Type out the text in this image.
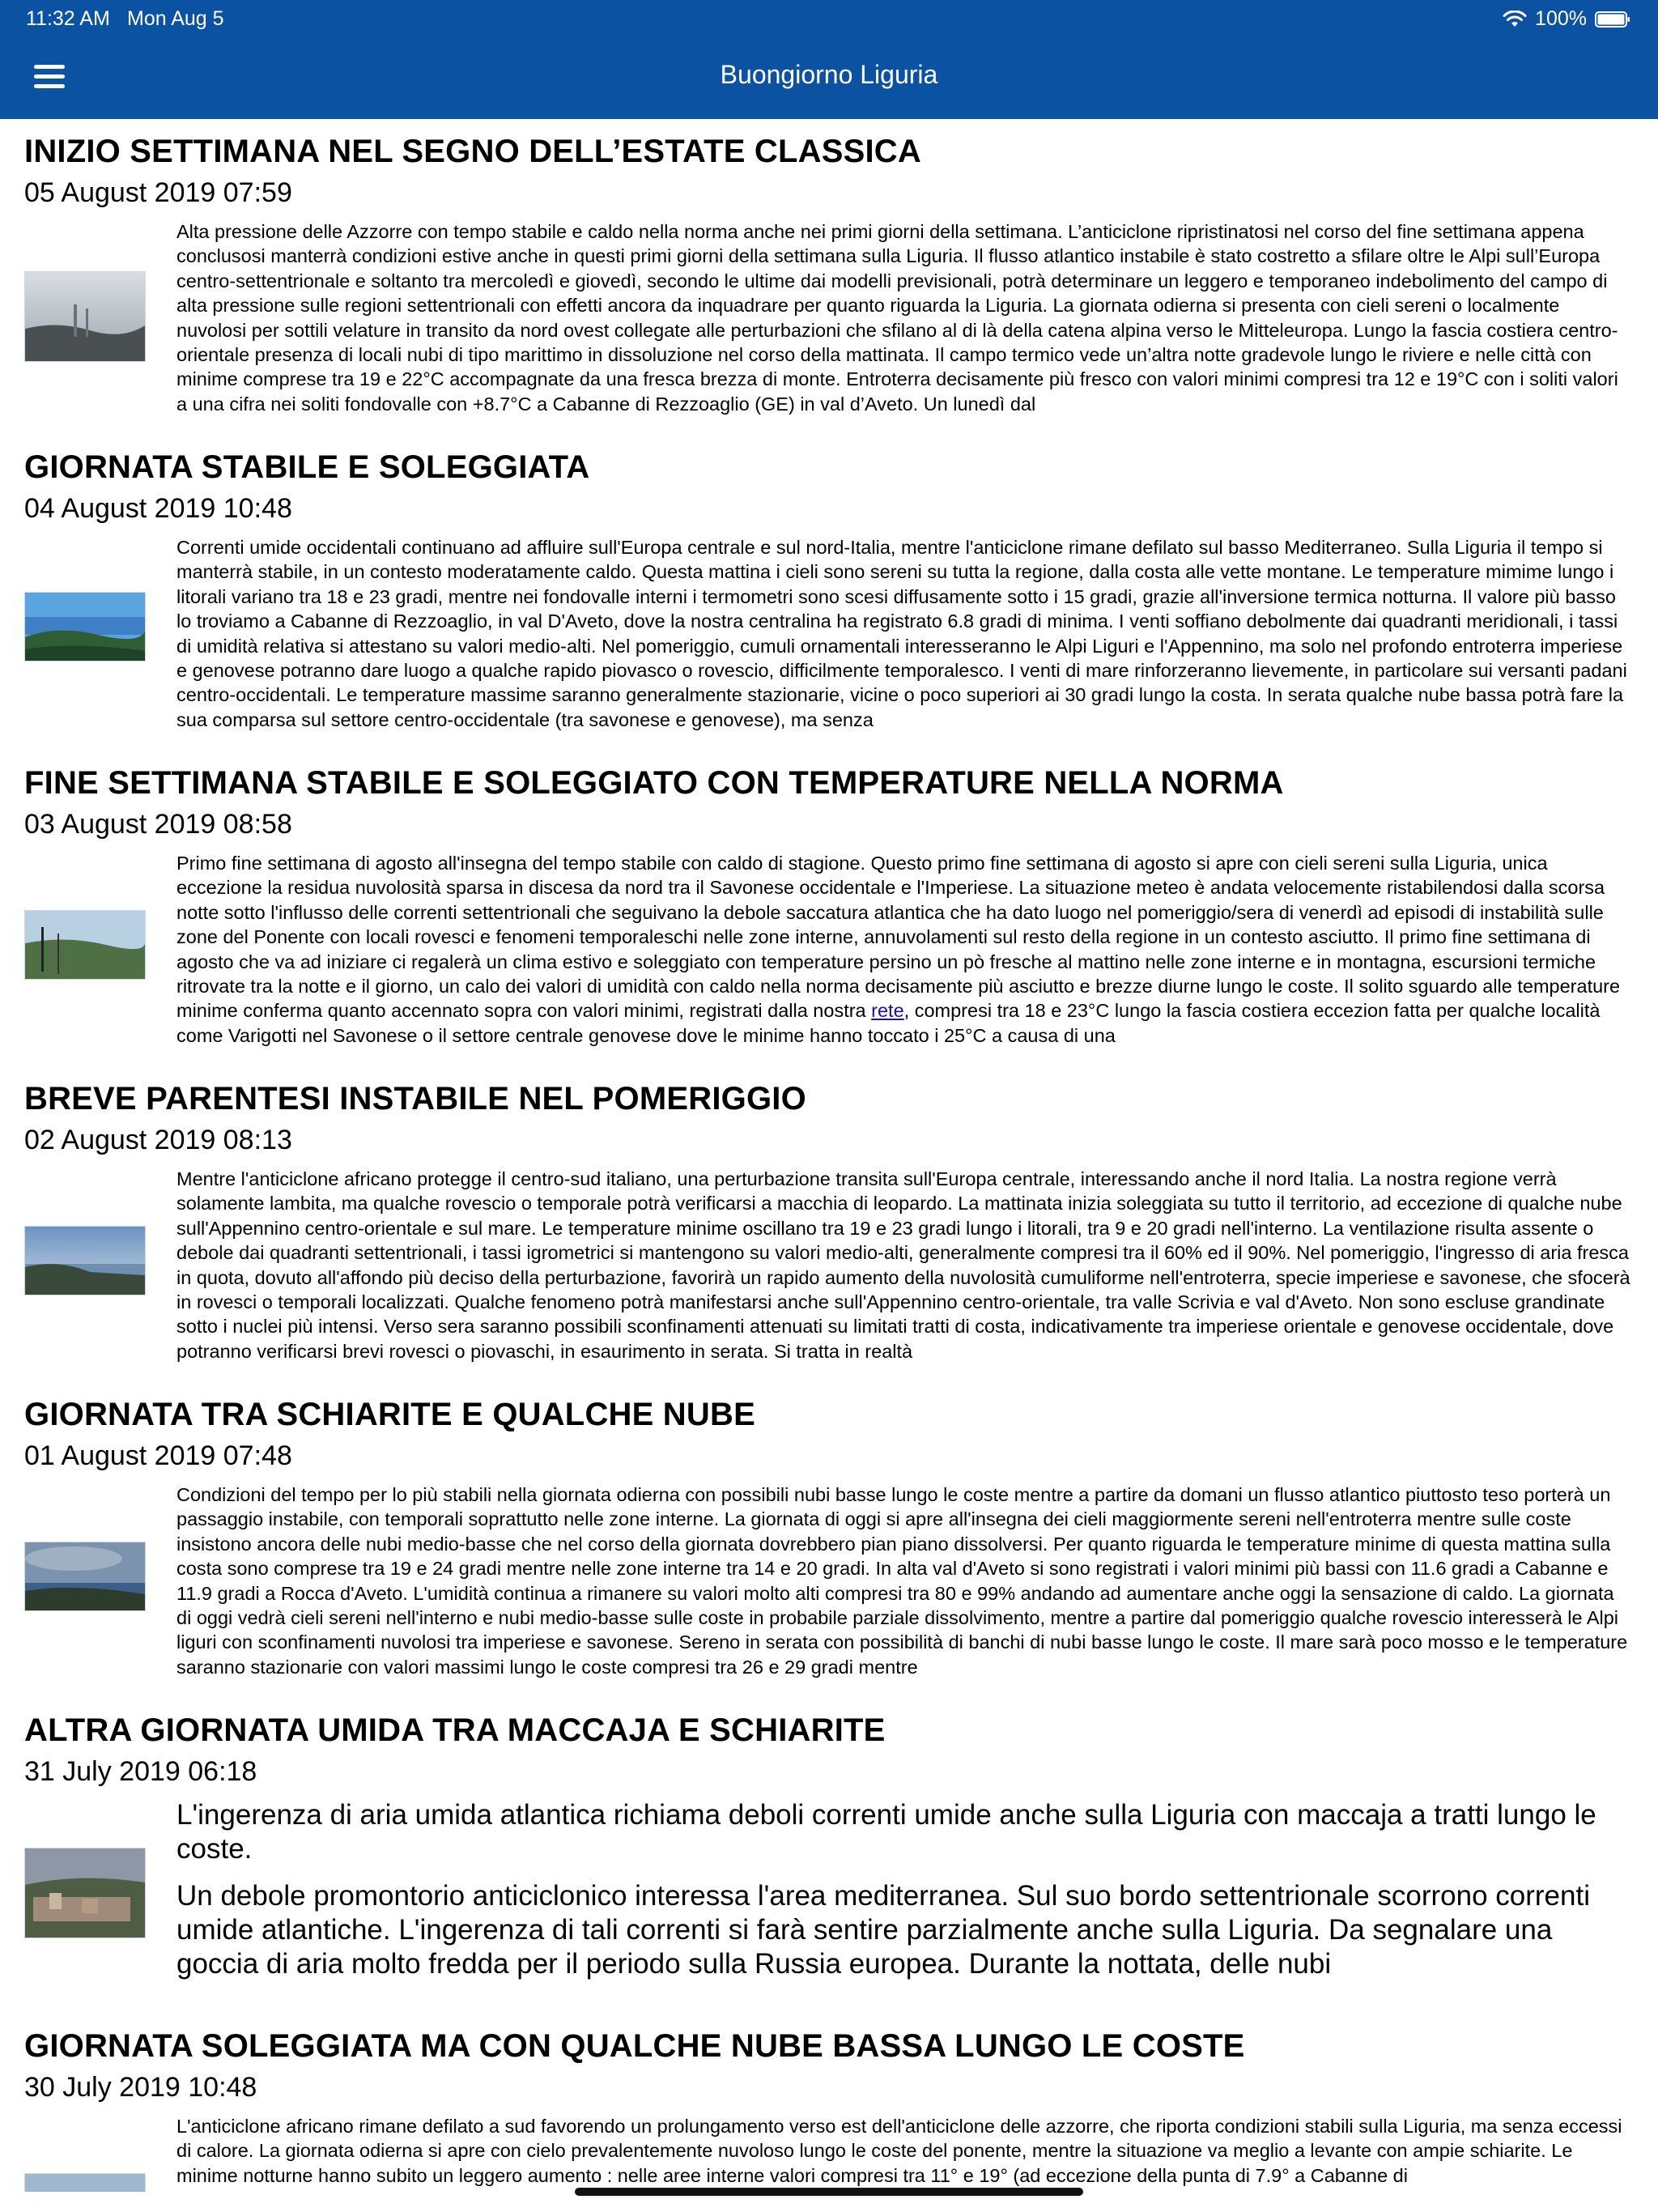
11:32 AM Mon Aug 5	100%
Buongiorno Liguria
INIZIO SETTIMANA NEL SEGNO DELL’ESTATE CLASSICA
05 August 2019 07:59

Alta pressione delle Azzorre con tempo stabile e caldo nella norma anche nei primi giorni della settimana. L’anticiclone ripristinatosi nel corso del fine settimana appena conclusosi manterrà condizioni estive anche in questi primi giorni della settimana sulla Liguria. Il flusso atlantico instabile è stato costretto a sfilare oltre le Alpi sull’Europa centro-settentrionale e soltanto tra mercoledì e giovedì, secondo le ultime dai modelli previsionali, potrà determinare un leggero e temporaneo indebolimento del campo di alta pressione sulle regioni settentrionali con effetti ancora da inquadrare per quanto riguarda la Liguria. La giornata odierna si presenta con cieli sereni o localmente nuvolosi per sottili velature in transito da nord ovest collegate alle perturbazioni che sfilano al di là della catena alpina verso le Mitteleuropa. Lungo la fascia costiera centro-orientale presenza di locali nubi di tipo marittimo in dissoluzione nel corso della mattinata. Il campo termico vede un’altra notte gradevole lungo le riviere e nelle città con minime comprese tra 19 e 22°C accompagnate da una fresca brezza di monte. Entroterra decisamente più fresco con valori minimi compresi tra 12 e 19°C con i soliti valori a una cifra nei soliti fondovalle con +8.7°C a Cabanne di Rezzoaglio (GE) in val d’Aveto. Un lunedì dal

GIORNATA STABILE E SOLEGGIATA
04 August 2019 10:48

Correnti umide occidentali continuano ad affluire sull'Europa centrale e sul nord-Italia, mentre l'anticiclone rimane defilato sul basso Mediterraneo. Sulla Liguria il tempo si manterrà stabile, in un contesto moderatamente caldo. Questa mattina i cieli sono sereni su tutta la regione, dalla costa alle vette montane. Le temperature mimime lungo i litorali variano tra 18 e 23 gradi, mentre nei fondovalle interni i termometri sono scesi diffusamente sotto i 15 gradi, grazie all'inversione termica notturna. Il valore più basso lo troviamo a Cabanne di Rezzoaglio, in val D'Aveto, dove la nostra centralina ha registrato 6.8 gradi di minima. I venti soffiano debolmente dai quadranti meridionali, i tassi di umidità relativa si attestano su valori medio-alti. Nel pomeriggio, cumuli ornamentali interesseranno le Alpi Liguri e l'Appennino, ma solo nel profondo entroterra imperiese e genovese potranno dare luogo a qualche rapido piovasco o rovescio, difficilmente temporalesco. I venti di mare rinforzeranno lievemente, in particolare sui versanti padani centro-occidentali. Le temperature massime saranno generalmente stazionarie, vicine o poco superiori ai 30 gradi lungo la costa. In serata qualche nube bassa potrà fare la sua comparsa sul settore centro-occidentale (tra savonese e genovese), ma senza

FINE SETTIMANA STABILE E SOLEGGIATO CON TEMPERATURE NELLA NORMA
03 August 2019 08:58

Primo fine settimana di agosto all'insegna del tempo stabile con caldo di stagione. Questo primo fine settimana di agosto si apre con cieli sereni sulla Liguria, unica eccezione la residua nuvolosità sparsa in discesa da nord tra il Savonese occidentale e l'Imperiese. La situazione meteo è andata velocemente ristabilendosi dalla scorsa notte sotto l'influsso delle correnti settentrionali che seguivano la debole saccatura atlantica che ha dato luogo nel pomeriggio/sera di venerdì ad episodi di instabilità sulle zone del Ponente con locali rovesci e fenomeni temporaleschi nelle zone interne, annuvolamenti sul resto della regione in un contesto asciutto. Il primo fine settimana di agosto che va ad iniziare ci regalerà un clima estivo e soleggiato con temperature persino un pò fresche al mattino nelle zone interne e in montagna, escursioni termiche ritrovate tra la notte e il giorno, un calo dei valori di umidità con caldo nella norma decisamente più asciutto e brezze diurne lungo le coste. Il solito sguardo alle temperature minime conferma quanto accennato sopra con valori minimi, registrati dalla nostra rete, compresi tra 18 e 23°C lungo la fascia costiera eccezion fatta per qualche località come Varigotti nel Savonese o il settore centrale genovese dove le minime hanno toccato i 25°C a causa di una

BREVE PARENTESI INSTABILE NEL POMERIGGIO
02 August 2019 08:13

Mentre l'anticiclone africano protegge il centro-sud italiano, una perturbazione transita sull'Europa centrale, interessando anche il nord Italia. La nostra regione verrà solamente lambita, ma qualche rovescio o temporale potrà verificarsi a macchia di leopardo. La mattinata inizia soleggiata su tutto il territorio, ad eccezione di qualche nube sull'Appennino centro-orientale e sul mare. Le temperature minime oscillano tra 19 e 23 gradi lungo i litorali, tra 9 e 20 gradi nell'interno. La ventilazione risulta assente o debole dai quadranti settentrionali, i tassi igrometrici si mantengono su valori medio-alti, generalmente compresi tra il 60% ed il 90%. Nel pomeriggio, l'ingresso di aria fresca in quota, dovuto all'affondo più deciso della perturbazione, favorirà un rapido aumento della nuvolosità cumuliforme nell'entroterra, specie imperiese e savonese, che sfocerà in rovesci o temporali localizzati. Qualche fenomeno potrà manifestarsi anche sull'Appennino centro-orientale, tra valle Scrivia e val d'Aveto. Non sono escluse grandinate sotto i nuclei più intensi. Verso sera saranno possibili sconfinamenti attenuati su limitati tratti di costa, indicativamente tra imperiese orientale e genovese occidentale, dove potranno verificarsi brevi rovesci o piovaschi, in esaurimento in serata. Si tratta in realtà

GIORNATA TRA SCHIARITE E QUALCHE NUBE
01 August 2019 07:48

Condizioni del tempo per lo più stabili nella giornata odierna con possibili nubi basse lungo le coste mentre a partire da domani un flusso atlantico piuttosto teso porterà un passaggio instabile, con temporali soprattutto nelle zone interne. La giornata di oggi si apre all'insegna dei cieli maggiormente sereni nell'entroterra mentre sulle coste insistono ancora delle nubi medio-basse che nel corso della giornata dovrebbero pian piano dissolversi. Per quanto riguarda le temperature minime di questa mattina sulla costa sono comprese tra 19 e 24 gradi mentre nelle zone interne tra 14 e 20 gradi. In alta val d'Aveto si sono registrati i valori minimi più bassi con 11.6 gradi a Cabanne e 11.9 gradi a Rocca d'Aveto. L'umidità continua a rimanere su valori molto alti compresi tra 80 e 99% andando ad aumentare anche oggi la sensazione di caldo. La giornata di oggi vedrà cieli sereni nell'interno e nubi medio-basse sulle coste in probabile parziale dissolvimento, mentre a partire dal pomeriggio qualche rovescio interesserà le Alpi liguri con sconfinamenti nuvolosi tra imperiese e savonese. Sereno in serata con possibilità di banchi di nubi basse lungo le coste. Il mare sarà poco mosso e le temperature saranno stazionarie con valori massimi lungo le coste compresi tra 26 e 29 gradi mentre

ALTRA GIORNATA UMIDA TRA MACCAJA E SCHIARITE
31 July 2019 06:18

L'ingerenza di aria umida atlantica richiama deboli correnti umide anche sulla Liguria con maccaja a tratti lungo le coste.

Un debole promontorio anticiclonico interessa l'area mediterranea. Sul suo bordo settentrionale scorrono correnti umide atlantiche. L'ingerenza di tali correnti si farà sentire parzialmente anche sulla Liguria. Da segnalare una goccia di aria molto fredda per il periodo sulla Russia europea. Durante la nottata, delle nubi

GIORNATA SOLEGGIATA MA CON QUALCHE NUBE BASSA LUNGO LE COSTE
30 July 2019 10:48

L'anticiclone africano rimane defilato a sud favorendo un prolungamento verso est dell'anticiclone delle azzorre, che riporta condizioni stabili sulla Liguria, ma senza eccessi di calore. La giornata odierna si apre con cielo prevalentemente nuvoloso lungo le coste del ponente, mentre la situazione va meglio a levante con ampie schiarite. Le minime notturne hanno subito un leggero aumento : nelle aree interne valori compresi tra 11° e 19° (ad eccezione della punta di 7.9° a Cabanne di
